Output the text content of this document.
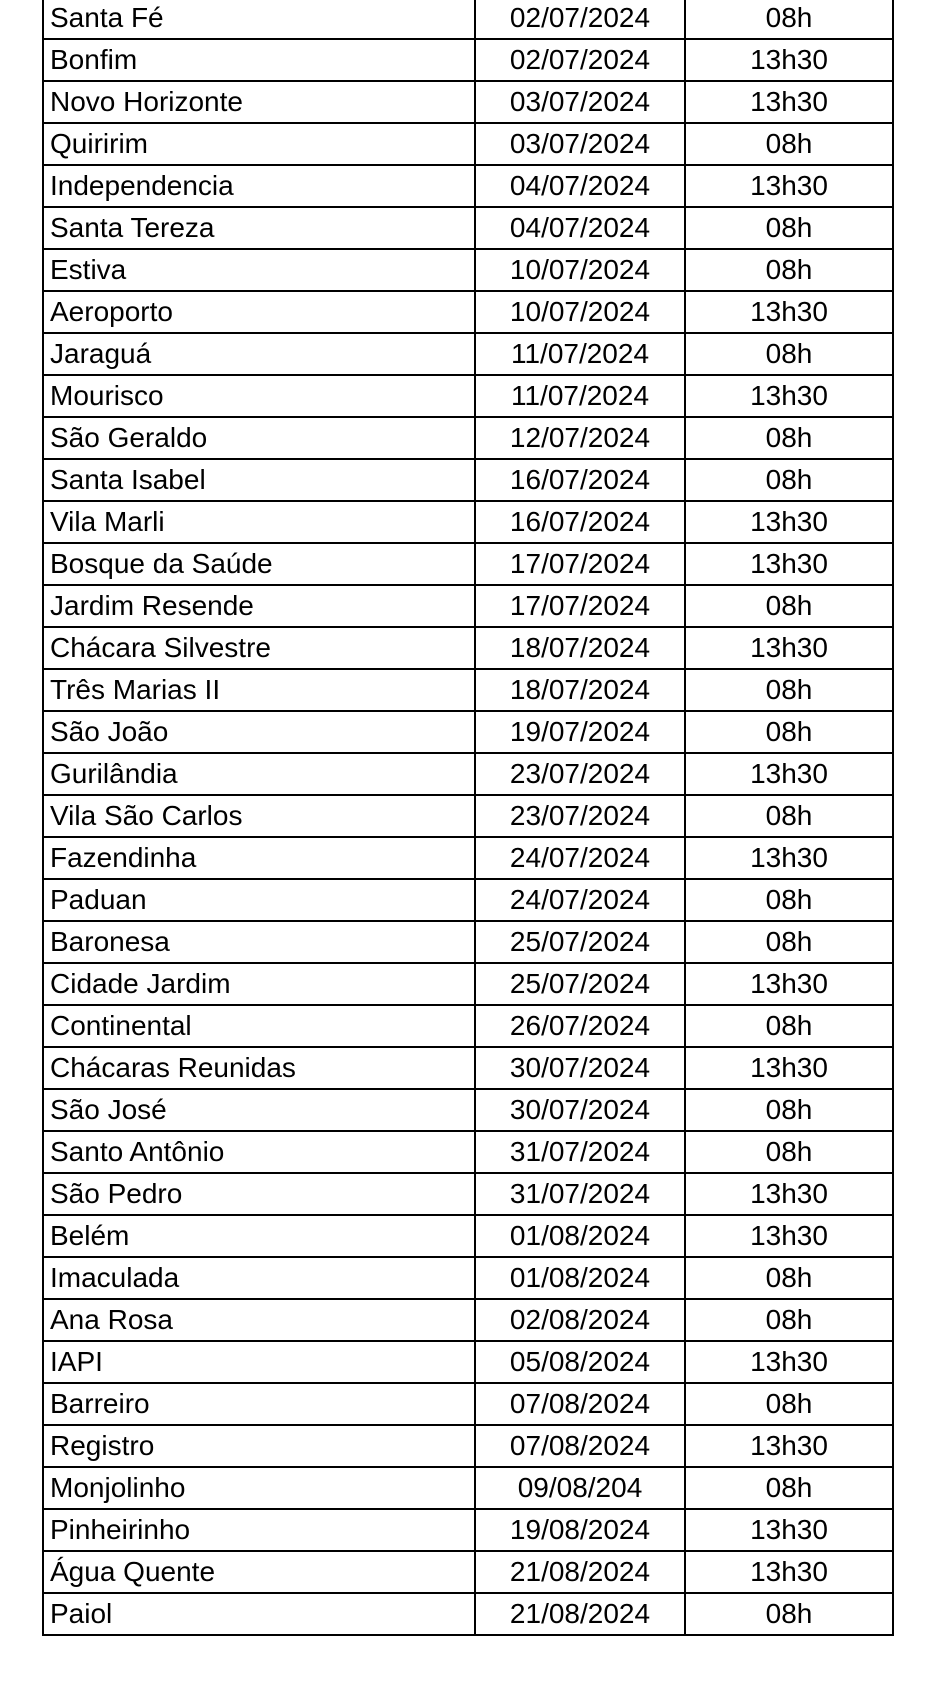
Santa Fé	02/07/2024	08h
Bonfim	02/07/2024	13h30
Novo Horizonte	03/07/2024	13h30
Quiririm	03/07/2024	08h
Independencia	04/07/2024	13h30
Santa Tereza	04/07/2024	08h
Estiva	10/07/2024	08h
Aeroporto	10/07/2024	13h30
Jaraguá	11/07/2024	08h
Mourisco	11/07/2024	13h30
São Geraldo	12/07/2024	08h
Santa Isabel	16/07/2024	08h
Vila Marli	16/07/2024	13h30
Bosque da Saúde	17/07/2024	13h30
Jardim Resende	17/07/2024	08h
Chácara Silvestre	18/07/2024	13h30
Três Marias II	18/07/2024	08h
São João	19/07/2024	08h
Gurilândia	23/07/2024	13h30
Vila São Carlos	23/07/2024	08h
Fazendinha	24/07/2024	13h30
Paduan	24/07/2024	08h
Baronesa	25/07/2024	08h
Cidade Jardim	25/07/2024	13h30
Continental	26/07/2024	08h
Chácaras Reunidas	30/07/2024	13h30
São José	30/07/2024	08h
Santo Antônio	31/07/2024	08h
São Pedro	31/07/2024	13h30
Belém	01/08/2024	13h30
Imaculada	01/08/2024	08h
Ana Rosa	02/08/2024	08h
IAPI	05/08/2024	13h30
Barreiro	07/08/2024	08h
Registro	07/08/2024	13h30
Monjolinho	09/08/204	08h
Pinheirinho	19/08/2024	13h30
Água Quente	21/08/2024	13h30
Paiol	21/08/2024	08h
